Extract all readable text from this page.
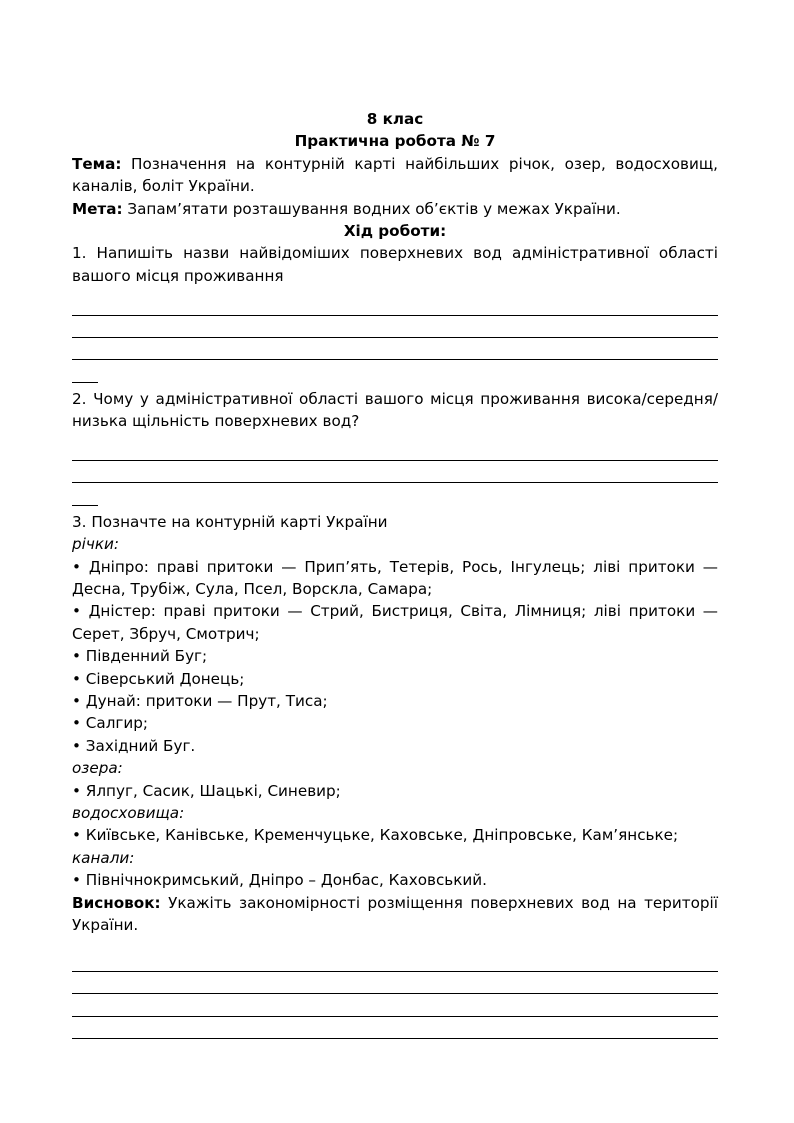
8 клас
Практична робота № 7

Тема: Позначення на контурній карті найбільших річок, озер, водосховищ, каналів, боліт України.

Мета: Запам’ятати розташування водних об’єктів у межах України.

Хід роботи:

1. Напишіть назви найвідоміших поверхневих вод адміністративної області вашого місця проживання

2. Чому у адміністративної області вашого місця проживання висока/середня/низька щільність поверхневих вод?

3. Позначте на контурній карті України

річки:

• Дніпро: праві притоки — Прип’ять, Тетерів, Рось, Інгулець; ліві притоки — Десна, Трубіж, Сула, Псел, Ворскла, Самара;

• Дністер: праві притоки — Стрий, Бистриця, Світа, Лімниця; ліві притоки — Серет, Збруч, Смотрич;

• Південний Буг;

• Сіверський Донець;

• Дунай: притоки — Прут, Тиса;

• Салгир;

• Західний Буг.

озера:

• Ялпуг, Сасик, Шацькі, Синевир;

водосховища:

• Київське, Канівське, Кременчуцьке, Каховське, Дніпровське, Кам’янське;

канали:

• Північнокримський, Дніпро – Донбас, Каховський.

Висновок: Укажіть закономірності розміщення поверхневих вод на території України.
